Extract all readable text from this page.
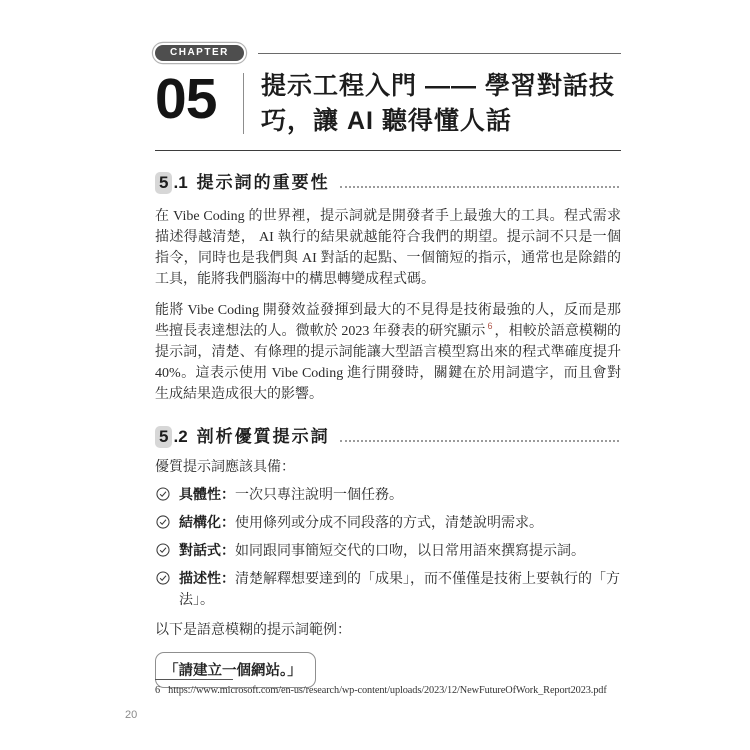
CHAPTER
05	提示工程入門 —— 學習對話技
巧，讓 AI 聽得懂人話
5 .1 提示詞的重要性

在 Vibe Coding 的世界裡，提示詞就是開發者手上最強大的工具。程式需求描述得越清楚， AI 執行的結果就越能符合我們的期望。提示詞不只是一個指令，同時也是我們與 AI 對話的起點、一個簡短的指示，通常也是除錯的工具，能將我們腦海中的構思轉變成程式碼。

能將 Vibe Coding 開發效益發揮到最大的不見得是技術最強的人，反而是那些擅長表達想法的人。微軟於 2023 年發表的研究顯示 $^6$ ，相較於語意模糊的提示詞，清楚、有條理的提示詞能讓大型語言模型寫出來的程式準確度提升 40%。這表示使用 Vibe Coding 進行開發時，關鍵在於用詞遣字，而且會對生成結果造成很大的影響。

5 .2 剖析優質提示詞
優質提示詞應該具備：
具體性：一次只專注說明一個任務。
結構化：使用條列或分成不同段落的方式，清楚說明需求。
對話式：如同跟同事簡短交代的口吻，以日常用語來撰寫提示詞。
描述性：清楚解釋想要達到的「成果」，而不僅僅是技術上要執行的「方法」。
以下是語意模糊的提示詞範例：
「請建立一個網站。」
6 https://www.microsoft.com/en-us/research/wp-content/uploads/2023/12/NewFutureOfWork_Report2023.pdf
20
